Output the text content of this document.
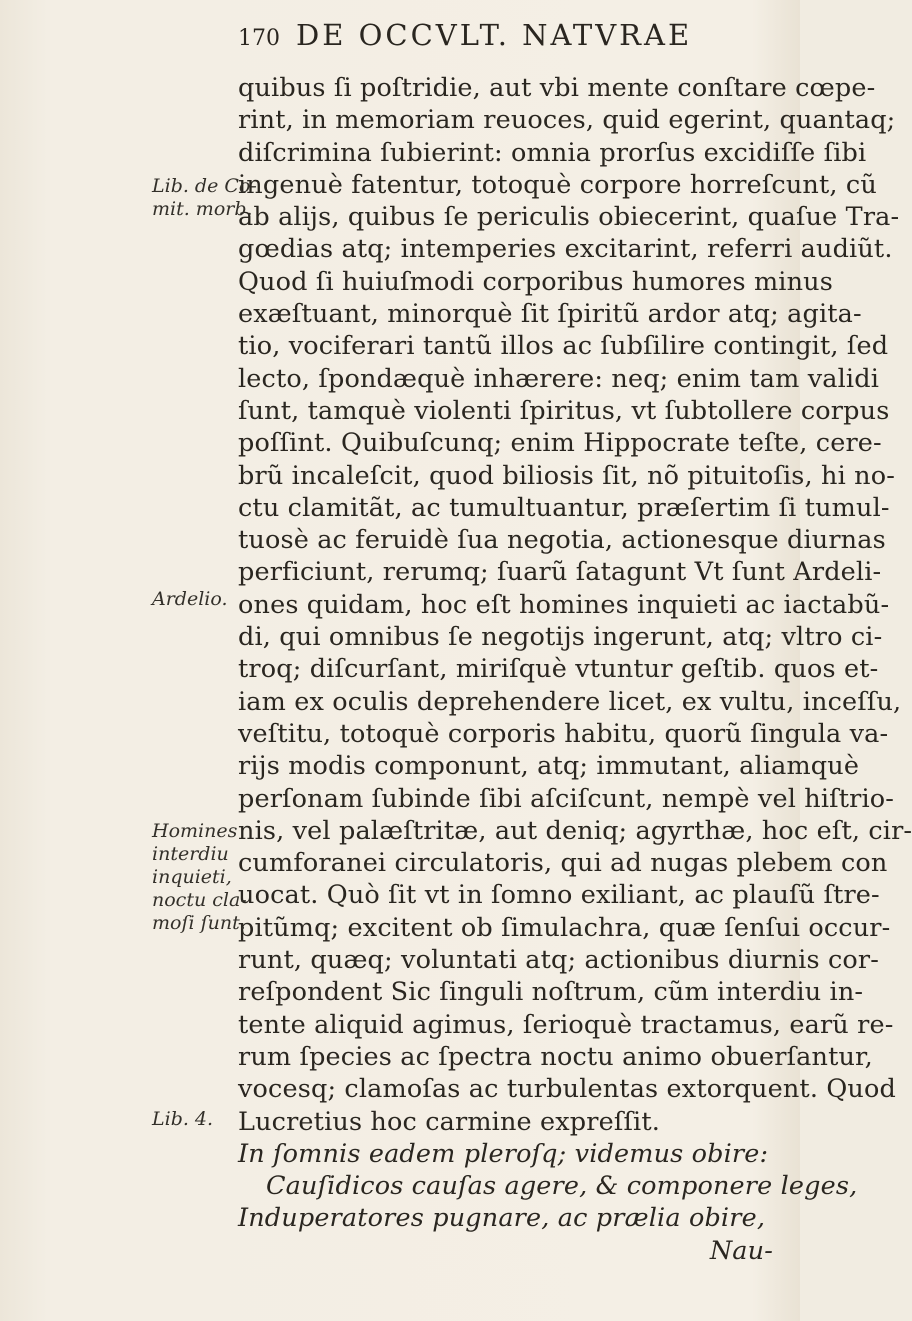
170 DE OCCVLT. NATVRAE
quibus ſi poſtridie, aut vbi mente conſtare cœpe-
rint, in memoriam reuoces, quid egerint, quantaq;
diſcrimina ſubierint: omnia prorſus excidiſſe ſibi
ingenuè fatentur, totoquè corpore horreſcunt, cũ
ab alijs, quibus ſe periculis obiecerint, quaſue Tra-
gœdias atq; intemperies excitarint, referri audiũt.
Quod ſi huiuſmodi corporibus humores minus
exæſtuant, minorquè ſit ſpiritũ ardor atq; agita-
tio, vociferari tantũ illos ac ſubſilire contingit, ſed
lecto, ſpondæquè inhærere: neq; enim tam validi
ſunt, tamquè violenti ſpiritus, vt ſubtollere corpus
poſſint. Quibuſcunq; enim Hippocrate teſte, cere-
brũ incaleſcit, quod biliosis ſit, nõ pituitoſis, hi no-
ctu clamitãt, ac tumultuantur, præſertim ſi tumul-
tuosè ac feruidè ſua negotia, actionesque diurnas
perficiunt, rerumq; ſuarũ ſatagunt Vt ſunt Ardeli-
ones quidam, hoc eſt homines inquieti ac iactabũ-
di, qui omnibus ſe negotijs ingerunt, atq; vltro ci-
troq; diſcurſant, miriſquè vtuntur geſtib. quos et-
iam ex oculis deprehendere licet, ex vultu, inceſſu,
veſtitu, totoquè corporis habitu, quorũ ſingula va-
rijs modis componunt, atq; immutant, aliamquè
perſonam ſubinde ſibi aſciſcunt, nempè vel hiſtrio-
nis, vel palæſtritæ, aut deniq; agyrthæ, hoc eſt, cir-
cumforanei circulatoris, qui ad nugas plebem con
uocat. Quò ſit vt in ſomno exiliant, ac plauſũ ſtre-
pitũmq; excitent ob ſimulachra, quæ ſenſui occur-
runt, quæq; voluntati atq; actionibus diurnis cor-
reſpondent Sic ſinguli noſtrum, cũm interdiu in-
tente aliquid agimus, ſerioquè tractamus, earũ re-
rum ſpecies ac ſpectra noctu animo obuerſantur,
vocesq; clamoſas ac turbulentas extorquent. Quod
Lucretius hoc carmine expreſſit.
In ſomnis eadem pleroſq; videmus obire:
Cauſidicos cauſas agere, & componere leges,
Induperatores pugnare, ac prælia obire,
Nau-
Lib. de Co-
mit. morb.
Ardelio.
Homines
interdiu
inquieti,
noctu cla-
moſi ſunt.
Lib. 4.
